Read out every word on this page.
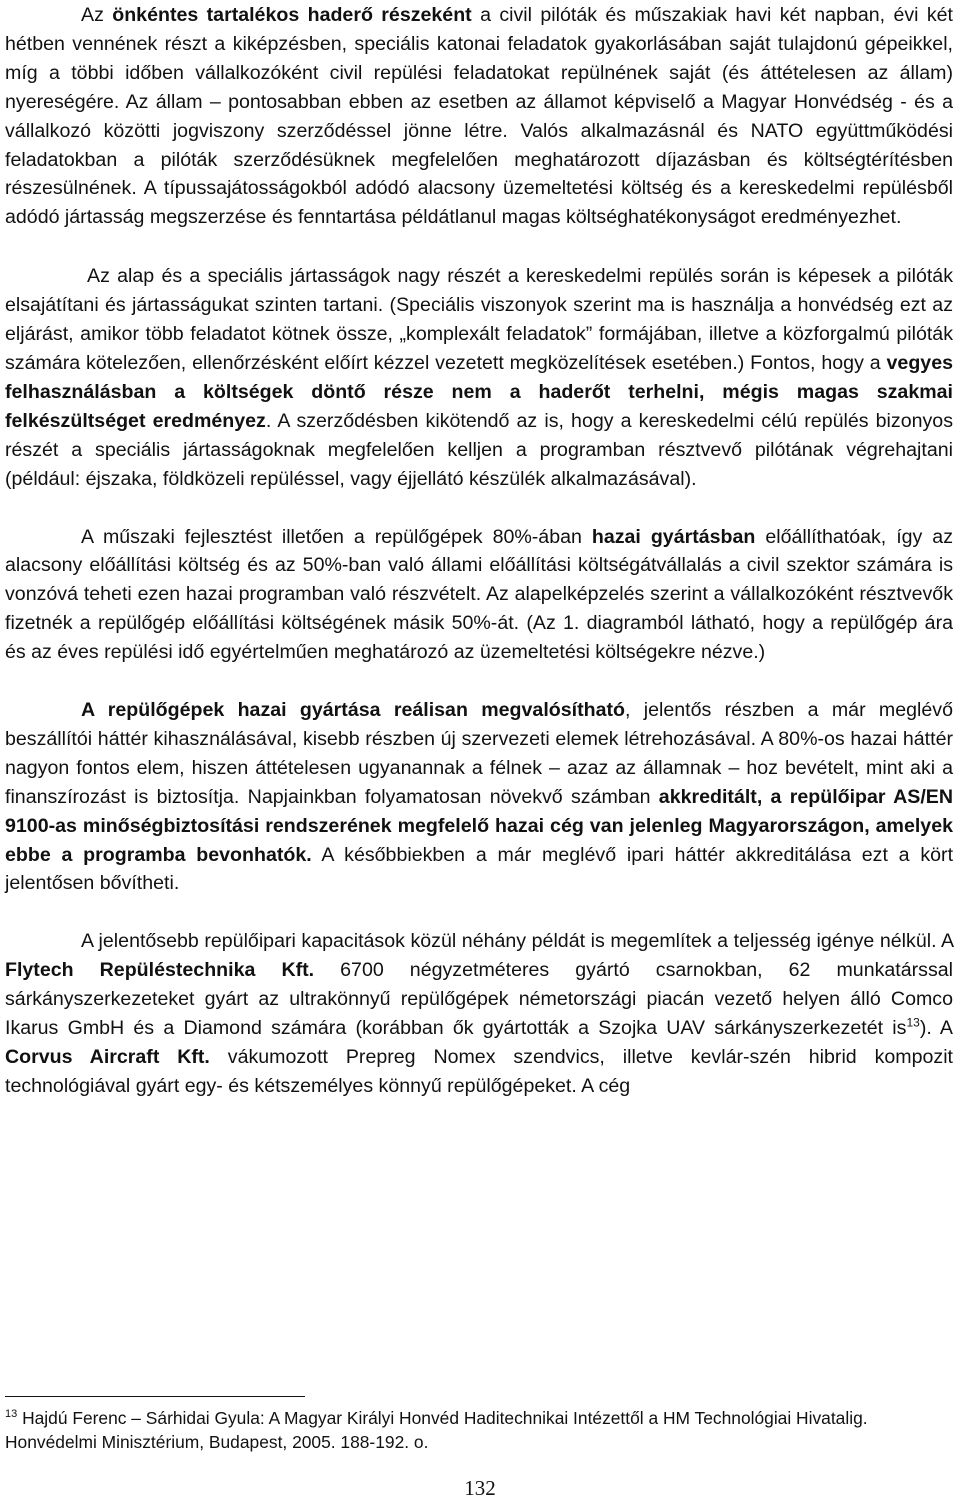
Az önkéntes tartalékos haderő részeként a civil pilóták és műszakiak havi két napban, évi két hétben vennének részt a kiképzésben, speciális katonai feladatok gyakorlásában saját tulajdonú gépeikkel, míg a többi időben vállalkozóként civil repülési feladatokat repülnének saját (és áttételesen az állam) nyereségére. Az állam – pontosabban ebben az esetben az államot képviselő a Magyar Honvédség - és a vállalkozó közötti jogviszony szerződéssel jönne létre. Valós alkalmazásnál és NATO együttműködési feladatokban a pilóták szerződésüknek megfelelően meghatározott díjazásban és költségtérítésben részesülnének. A típussajátosságokból adódó alacsony üzemeltetési költség és a kereskedelmi repülésből adódó jártasság megszerzése és fenntartása példátlanul magas költséghatékonyságot eredményezhet.

Az alap és a speciális jártasságok nagy részét a kereskedelmi repülés során is képesek a pilóták elsajátítani és jártasságukat szinten tartani. (Speciális viszonyok szerint ma is használja a honvédség ezt az eljárást, amikor több feladatot kötnek össze, „komplexált feladatok” formájában, illetve a közforgalmú pilóták számára kötelezően, ellenőrzésként előírt kézzel vezetett megközelítések esetében.) Fontos, hogy a vegyes felhasználásban a költségek döntő része nem a haderőt terhelni, mégis magas szakmai felkészültséget eredményez. A szerződésben kikötendő az is, hogy a kereskedelmi célú repülés bizonyos részét a speciális jártasságoknak megfelelően kelljen a programban résztvevő pilótának végrehajtani (például: éjszaka, földközeli repüléssel, vagy éjjellátó készülék alkalmazásával).

A műszaki fejlesztést illetően a repülőgépek 80%-ában hazai gyártásban előállíthatóak, így az alacsony előállítási költség és az 50%-ban való állami előállítási költségátvállalás a civil szektor számára is vonzóvá teheti ezen hazai programban való részvételt. Az alapelképzelés szerint a vállalkozóként résztvevők fizetnék a repülőgép előállítási költségének másik 50%-át. (Az 1. diagramból látható, hogy a repülőgép ára és az éves repülési idő egyértelműen meghatározó az üzemeltetési költségekre nézve.)

A repülőgépek hazai gyártása reálisan megvalósítható, jelentős részben a már meglévő beszállítói háttér kihasználásával, kisebb részben új szervezeti elemek létrehozásával. A 80%-os hazai háttér nagyon fontos elem, hiszen áttételesen ugyanannak a félnek – azaz az államnak – hoz bevételt, mint aki a finanszírozást is biztosítja. Napjainkban folyamatosan növekvő számban akkreditált, a repülőipar AS/EN 9100-as minőségbiztosítási rendszerének megfelelő hazai cég van jelenleg Magyarországon, amelyek ebbe a programba bevonhatók. A későbbiekben a már meglévő ipari háttér akkreditálása ezt a kört jelentősen bővítheti.

A jelentősebb repülőipari kapacitások közül néhány példát is megemlítek a teljesség igénye nélkül. A Flytech Repüléstechnika Kft. 6700 négyzetméteres gyártó csarnokban, 62 munkatárssal sárkányszerkezeteket gyárt az ultrakönnyű repülőgépek németországi piacán vezető helyen álló Comco Ikarus GmbH és a Diamond számára (korábban ők gyártották a Szojka UAV sárkányszerkezetét $is^{13}$). A Corvus Aircraft Kft. vákumozott Prepreg Nomex szendvics, illetve kevlár-szén hibrid kompozit technológiával gyárt egy- és kétszemélyes könnyű repülőgépeket. A cég

$^{13}$ Hajdú Ferenc – Sárhidai Gyula: A Magyar Királyi Honvéd Haditechnikai Intézettől a HM Technológiai Hivatalig. Honvédelmi Minisztérium, Budapest, 2005. 188-192. o.

132
